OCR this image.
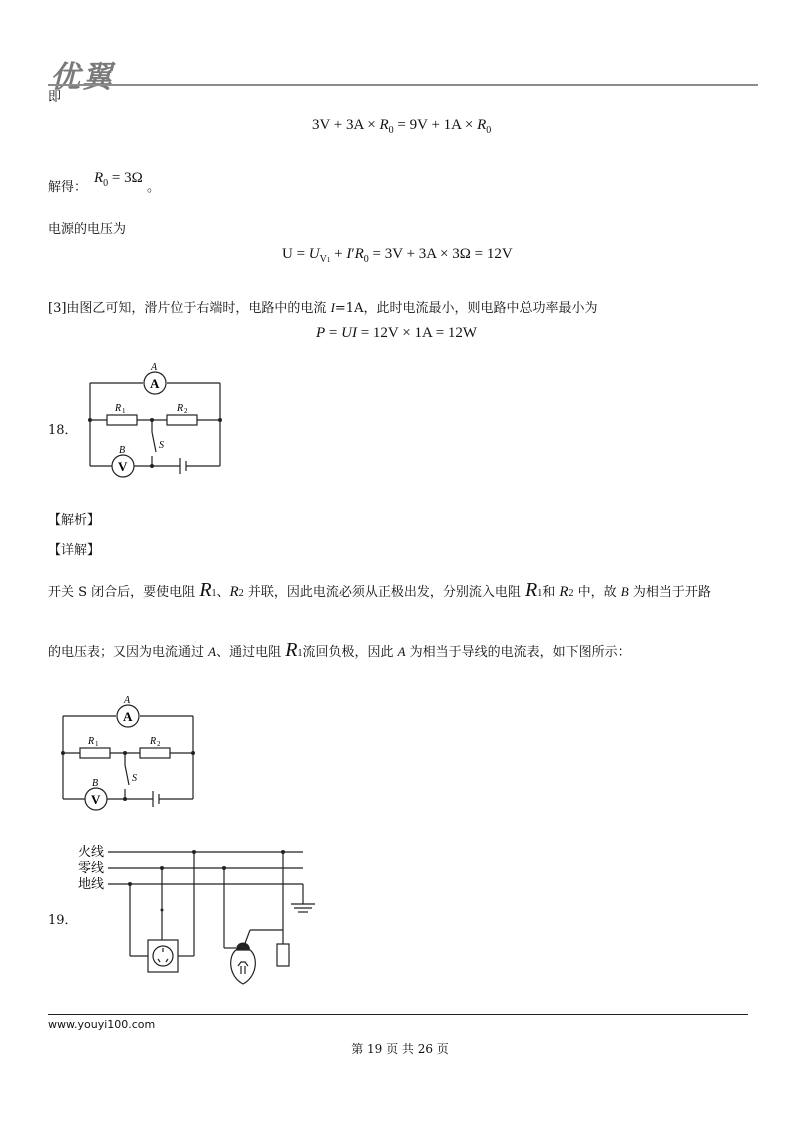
优翼
即
$3V + 3A \times R_0 = 9V + 1A \times R_0$
解得：
$R_0 = 3\Omega$
。
电源的电压为
$U = U_{V1} + I'R_0 = 3V + 3A \times 3\Omega = 12V$
[3]由图乙可知，滑片位于右端时，电路中的电流 I=1A，此时电流最小，则电路中总功率最小为
P = UI = 12V × 1A = 12W
18．
A
A
R 1	R 2
S
B
V
【解析】
【详解】
开关 S 闭合后，要使电阻 R1、R2 并联，因此电流必须从正极出发，分别流入电阻 R1和 R2 中，故 B 为相当于开路
的电压表；又因为电流通过 A、通过电阻 R1流回负极，因此 A 为相当于导线的电流表，如下图所示：
A
A
R 1	R 2
S
B
V
19．
火线
零线
地线
www.youyi100.com
第 19 页 共 26 页
